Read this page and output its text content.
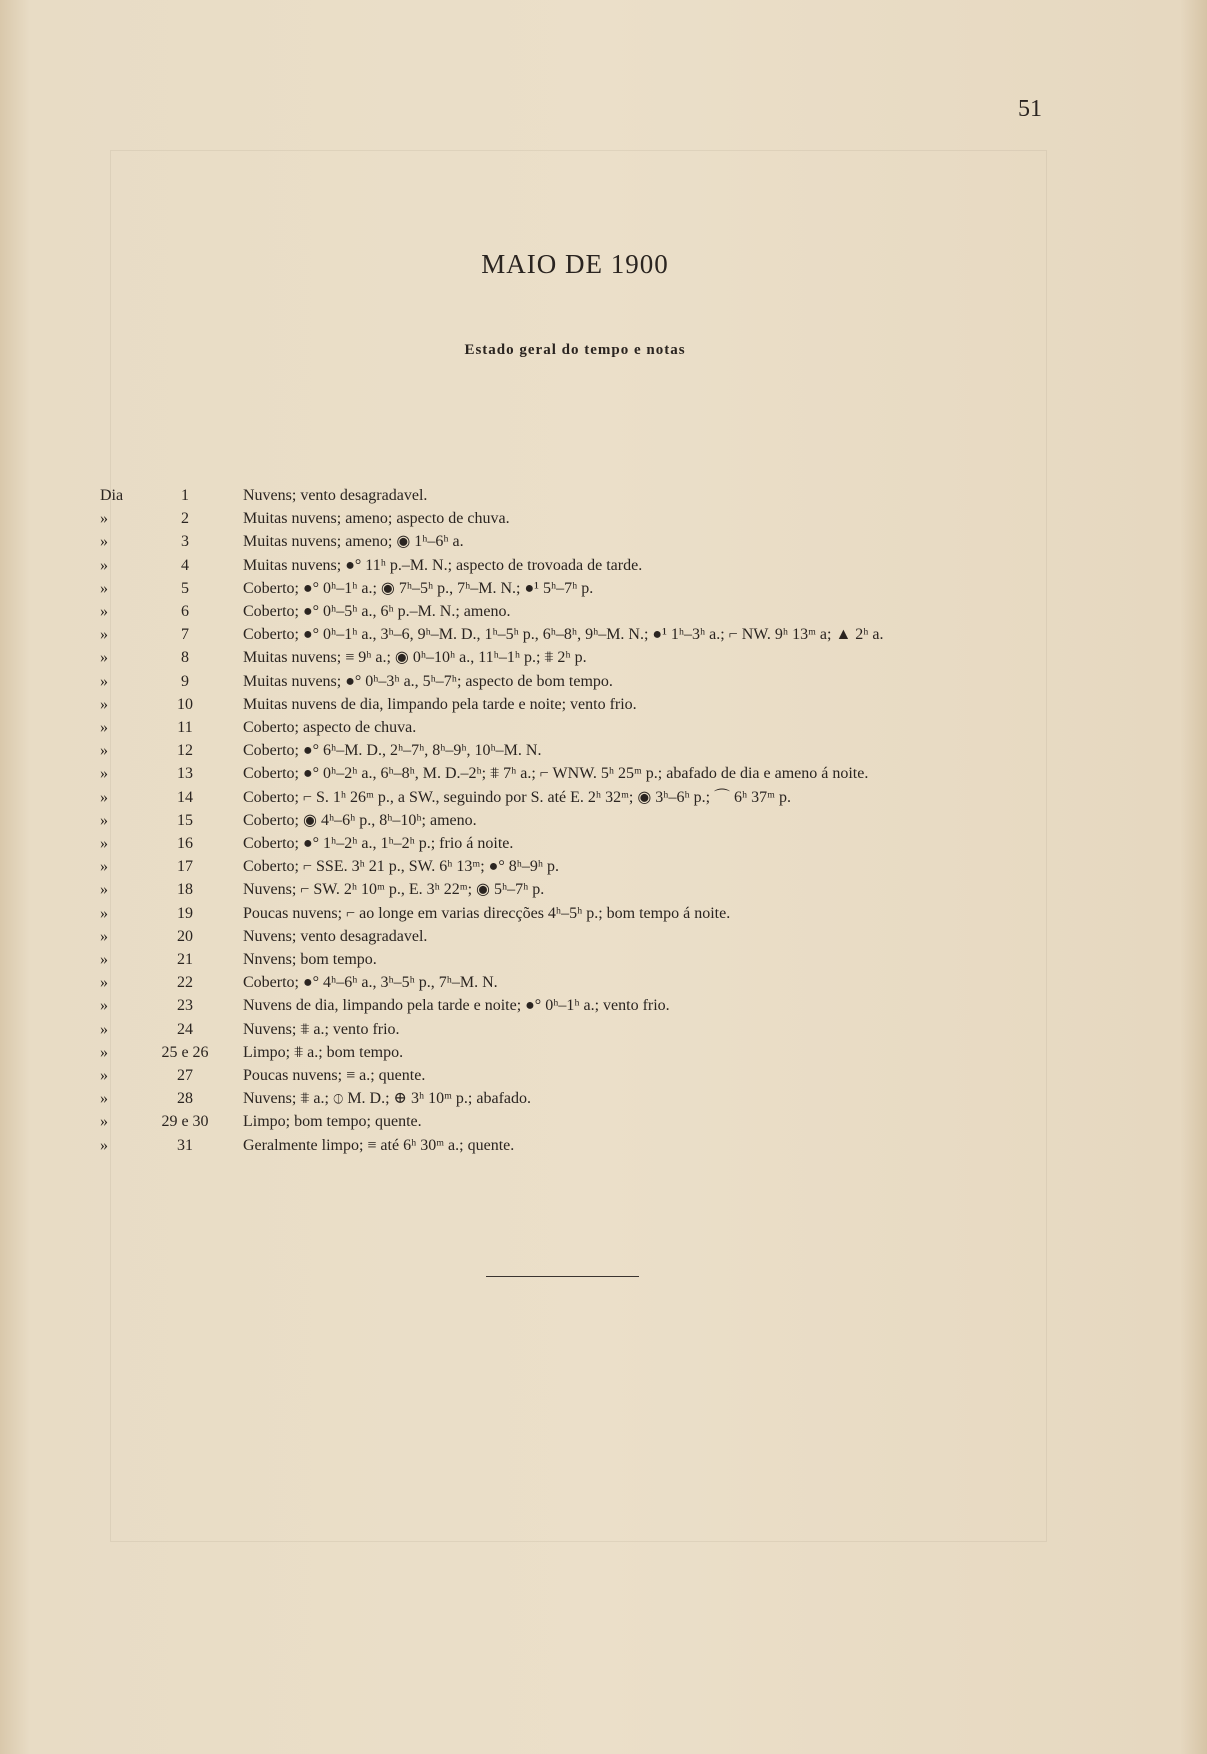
51
MAIO DE 1900
Estado geral do tempo e notas
Dia	1	Nuvens; vento desagradavel.
»	2	Muitas nuvens; ameno; aspecto de chuva.
»	3	Muitas nuvens; ameno; ◉ 1ʰ–6ʰ a.
»	4	Muitas nuvens; ●° 11ʰ p.–M. N.; aspecto de trovoada de tarde.
»	5	Coberto; ●° 0ʰ–1ʰ a.; ◉ 7ʰ–5ʰ p., 7ʰ–M. N.; ●¹ 5ʰ–7ʰ p.
»	6	Coberto; ●° 0ʰ–5ʰ a., 6ʰ p.–M. N.; ameno.
»	7	Coberto; ●° 0ʰ–1ʰ a., 3ʰ–6, 9ʰ–M. D., 1ʰ–5ʰ p., 6ʰ–8ʰ, 9ʰ–M. N.; ●¹ 1ʰ–3ʰ a.; ⌐ NW. 9ʰ 13ᵐ a; ▲ 2ʰ a.
»	8	Muitas nuvens; ≡ 9ʰ a.; ◉ 0ʰ–10ʰ a., 11ʰ–1ʰ p.; ⩨ 2ʰ p.
»	9	Muitas nuvens; ●° 0ʰ–3ʰ a., 5ʰ–7ʰ; aspecto de bom tempo.
»	10	Muitas nuvens de dia, limpando pela tarde e noite; vento frio.
»	11	Coberto; aspecto de chuva.
»	12	Coberto; ●° 6ʰ–M. D., 2ʰ–7ʰ, 8ʰ–9ʰ, 10ʰ–M. N.
»	13	Coberto; ●° 0ʰ–2ʰ a., 6ʰ–8ʰ, M. D.–2ʰ; ⩨ 7ʰ a.; ⌐ WNW. 5ʰ 25ᵐ p.; abafado de dia e ameno á noite.
»	14	Coberto; ⌐ S. 1ʰ 26ᵐ p., a SW., seguindo por S. até E. 2ʰ 32ᵐ; ◉ 3ʰ–6ʰ p.; ⌒ 6ʰ 37ᵐ p.
»	15	Coberto; ◉ 4ʰ–6ʰ p., 8ʰ–10ʰ; ameno.
»	16	Coberto; ●° 1ʰ–2ʰ a., 1ʰ–2ʰ p.; frio á noite.
»	17	Coberto; ⌐ SSE. 3ʰ 21 p., SW. 6ʰ 13ᵐ; ●° 8ʰ–9ʰ p.
»	18	Nuvens; ⌐ SW. 2ʰ 10ᵐ p., E. 3ʰ 22ᵐ; ◉ 5ʰ–7ʰ p.
»	19	Poucas nuvens; ⌐ ao longe em varias direcções 4ʰ–5ʰ p.; bom tempo á noite.
»	20	Nuvens; vento desagradavel.
»	21	Nnvens; bom tempo.
»	22	Coberto; ●° 4ʰ–6ʰ a., 3ʰ–5ʰ p., 7ʰ–M. N.
»	23	Nuvens de dia, limpando pela tarde e noite; ●° 0ʰ–1ʰ a.; vento frio.
»	24	Nuvens; ⩨ a.; vento frio.
»	25 e 26	Limpo; ⩨ a.; bom tempo.
»	27	Poucas nuvens; ≡ a.; quente.
»	28	Nuvens; ⩨ a.; ⦶ M. D.; ⊕ 3ʰ 10ᵐ p.; abafado.
»	29 e 30	Limpo; bom tempo; quente.
»	31	Geralmente limpo; ≡ até 6ʰ 30ᵐ a.; quente.
